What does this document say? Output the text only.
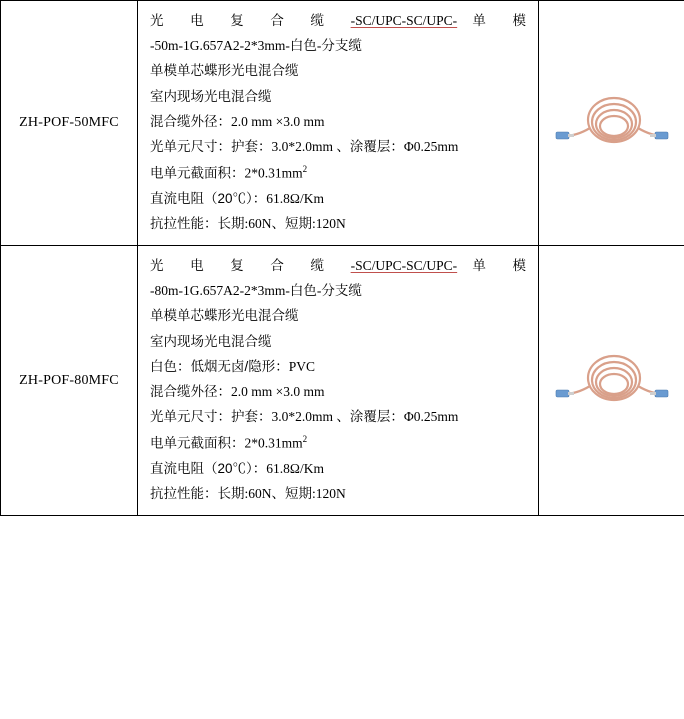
ZH-POF-50MFC	
光 电 复 合 缆 -SC/UPC-SC/UPC- 单 模
-50m-1G.657A2-2*3mm-白色-分支缆
单模单芯蝶形光电混合缆
室内现场光电混合缆
混合缆外径：2.0 mm ×3.0 mm
光单元尺寸：护套：3.0*2.0mm 、涂覆层：Φ0.25mm
电单元截面积：$2*0.31mm^2$
直流电阻（20℃）：61.8Ω/Km
抗拉性能：长期:60N、短期:120N

ZH-POF-80MFC	
光 电 复 合 缆 -SC/UPC-SC/UPC- 单 模
-80m-1G.657A2-2*3mm-白色-分支缆
单模单芯蝶形光电混合缆
室内现场光电混合缆
白色：低烟无卤/隐形：PVC
混合缆外径：2.0 mm ×3.0 mm
光单元尺寸：护套：3.0*2.0mm 、涂覆层：Φ0.25mm
电单元截面积：$2*0.31mm^2$
直流电阻（20℃）：61.8Ω/Km
抗拉性能：长期:60N、短期:120N
